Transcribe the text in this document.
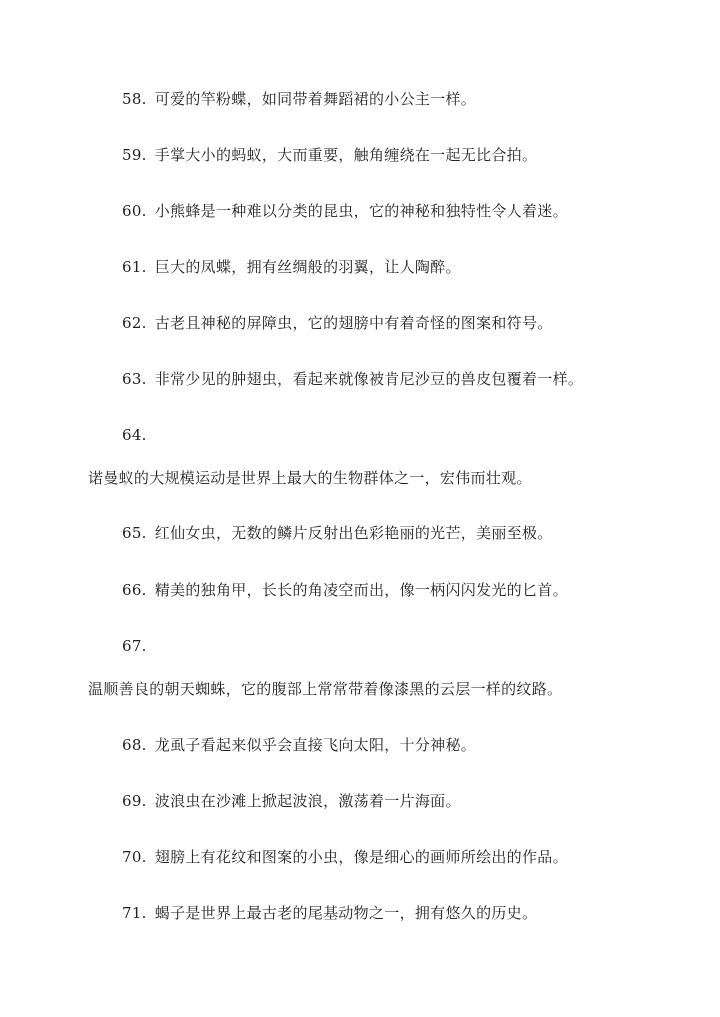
58. 可爱的竿粉蝶，如同带着舞蹈裙的小公主一样。
59. 手掌大小的蚂蚁，大而重要，触角缠绕在一起无比合拍。
60. 小熊蜂是一种难以分类的昆虫，它的神秘和独特性令人着迷。
61. 巨大的凤蝶，拥有丝绸般的羽翼，让人陶醉。
62. 古老且神秘的屏障虫，它的翅膀中有着奇怪的图案和符号。
63. 非常少见的肿翅虫，看起来就像被肯尼沙豆的兽皮包覆着一样。
64.
诺曼蚁的大规模运动是世界上最大的生物群体之一，宏伟而壮观。
65. 红仙女虫，无数的鳞片反射出色彩艳丽的光芒，美丽至极。
66. 精美的独角甲，长长的角凌空而出，像一柄闪闪发光的匕首。
67.
温顺善良的朝天蜘蛛，它的腹部上常常带着像漆黑的云层一样的纹路。
68. 龙虱子看起来似乎会直接飞向太阳，十分神秘。
69. 波浪虫在沙滩上掀起波浪，激荡着一片海面。
70. 翅膀上有花纹和图案的小虫，像是细心的画师所绘出的作品。
71. 蝎子是世界上最古老的尾基动物之一，拥有悠久的历史。
